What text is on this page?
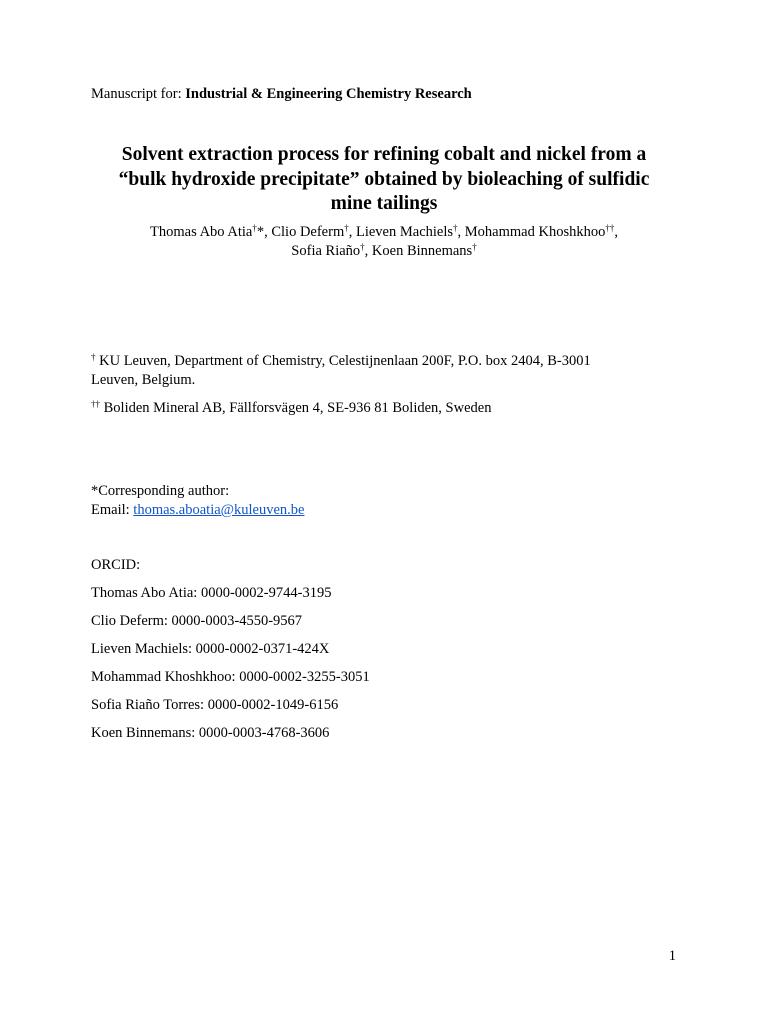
Manuscript for: Industrial & Engineering Chemistry Research
Solvent extraction process for refining cobalt and nickel from a
“bulk hydroxide precipitate” obtained by bioleaching of sulfidic
mine tailings
Thomas Abo Atia†*, Clio Deferm†, Lieven Machiels†, Mohammad Khoshkhoo††,
Sofia Riaño†, Koen Binnemans†
† KU Leuven, Department of Chemistry, Celestijnenlaan 200F, P.O. box 2404, B-3001
Leuven, Belgium.
†† Boliden Mineral AB, Fällforsvägen 4, SE-936 81 Boliden, Sweden
*Corresponding author:
Email: thomas.aboatia@kuleuven.be
ORCID:
Thomas Abo Atia: 0000-0002-9744-3195
Clio Deferm: 0000-0003-4550-9567
Lieven Machiels: 0000-0002-0371-424X
Mohammad Khoshkhoo: 0000-0002-3255-3051
Sofia Riaño Torres: 0000-0002-1049-6156
Koen Binnemans: 0000-0003-4768-3606
1
